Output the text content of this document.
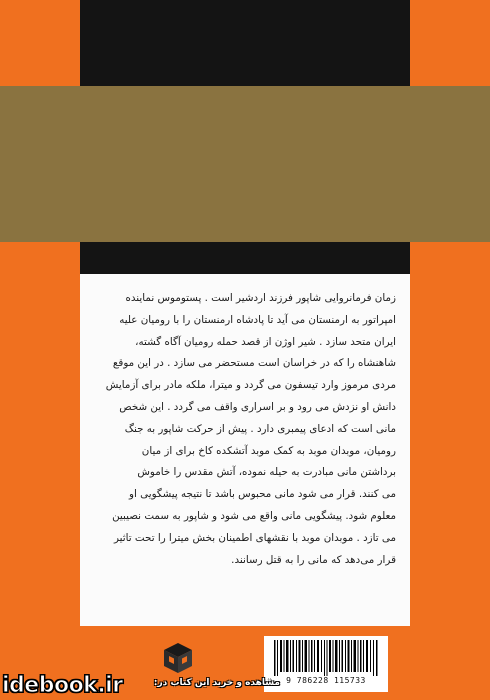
زمان فرمانروایی شاپور فرزند اردشیر است . پستوموس نماینده
امپراتور به ارمنستان می آید تا پادشاه ارمنستان را با رومیان علیه
ایران متحد سازد . شیر اوژن از قصد حمله رومیان آگاه گشته،
شاهنشاه را که در خراسان است مستحضر می سازد . در این موقع
مردی مرموز وارد تیسفون می گردد و میترا، ملکه مادر برای آزمایش
دانش او نزدش می رود و بر اسراری واقف می گردد . این شخص
مانی است که ادعای پیمبری دارد . پیش از حرکت شاپور به جنگ
رومیان، موبدان موبد به کمک موبد آتشکده کاخ برای از میان
برداشتن مانی مبادرت به حیله نموده، آتش مقدس را خاموش
می کنند. قرار می شود مانی محبوس باشد تا نتیجه پیشگویی او
معلوم شود. پیشگویی مانی واقع می شود و شاپور به سمت نصیبین
می تازد . موبدان موبد با نقشهای اطمینان بخش میترا را تحت تاثیر
قرار می‌دهد که مانی را به قتل رسانند.

9 786228 115733
idebook.ir	مشاهده و خرید این کتاب در:
